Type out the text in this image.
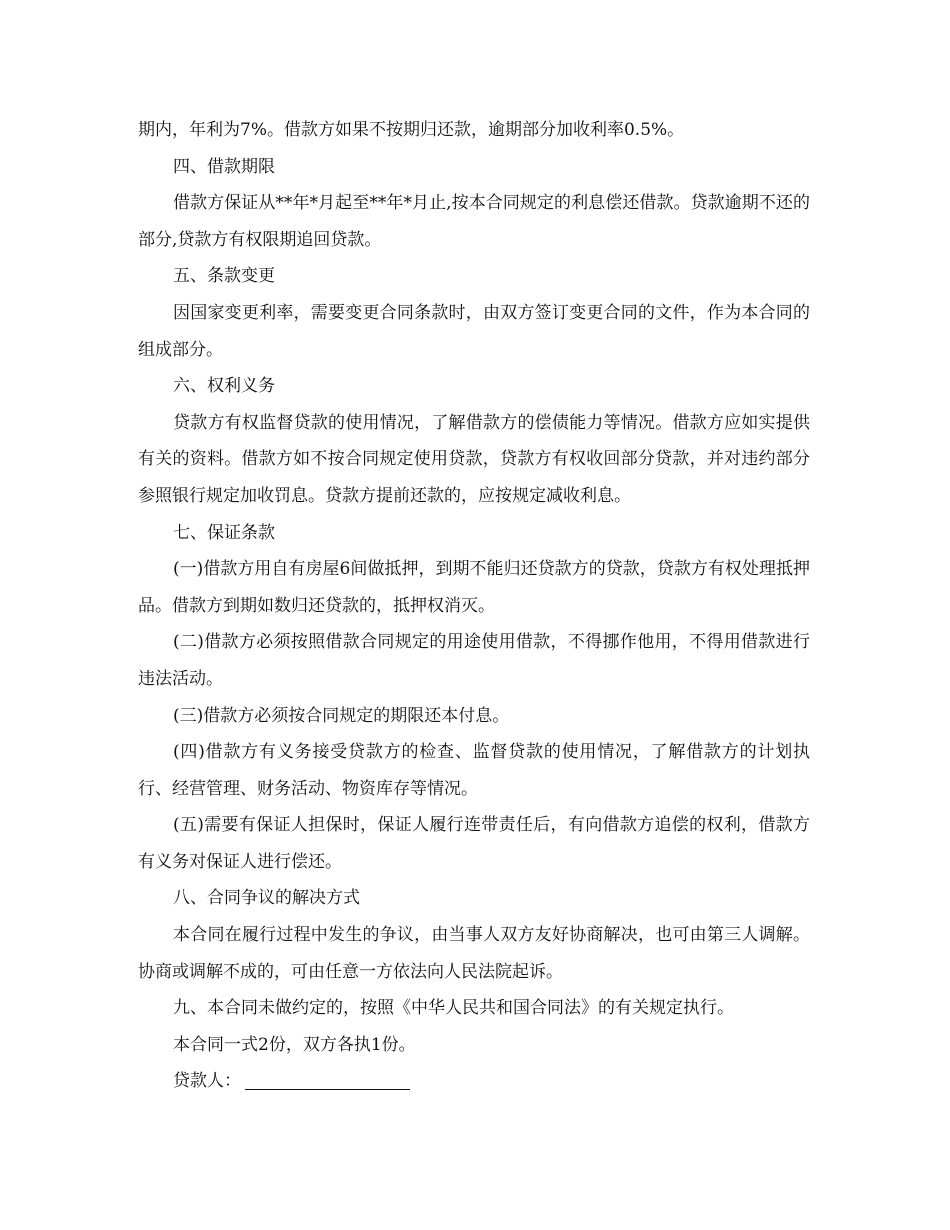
期内，年利为7%。借款方如果不按期归还款，逾期部分加收利率0.5%。

四、借款期限

借款方保证从**年*月起至**年*月止,按本合同规定的利息偿还借款。贷款逾期不还的部分,贷款方有权限期追回贷款。

五、条款变更

因国家变更利率，需要变更合同条款时，由双方签订变更合同的文件，作为本合同的组成部分。

六、权利义务

贷款方有权监督贷款的使用情况，了解借款方的偿债能力等情况。借款方应如实提供有关的资料。借款方如不按合同规定使用贷款，贷款方有权收回部分贷款，并对违约部分参照银行规定加收罚息。贷款方提前还款的，应按规定减收利息。

七、保证条款

(一)借款方用自有房屋6间做抵押，到期不能归还贷款方的贷款，贷款方有权处理抵押品。借款方到期如数归还贷款的，抵押权消灭。

(二)借款方必须按照借款合同规定的用途使用借款，不得挪作他用，不得用借款进行违法活动。

(三)借款方必须按合同规定的期限还本付息。

(四)借款方有义务接受贷款方的检查、监督贷款的使用情况，了解借款方的计划执行、经营管理、财务活动、物资库存等情况。

(五)需要有保证人担保时，保证人履行连带责任后，有向借款方追偿的权利，借款方有义务对保证人进行偿还。

八、合同争议的解决方式

本合同在履行过程中发生的争议，由当事人双方友好协商解决，也可由第三人调解。协商或调解不成的，可由任意一方依法向人民法院起诉。

九、本合同未做约定的，按照《中华人民共和国合同法》的有关规定执行。

本合同一式2份，双方各执1份。

贷款人：
